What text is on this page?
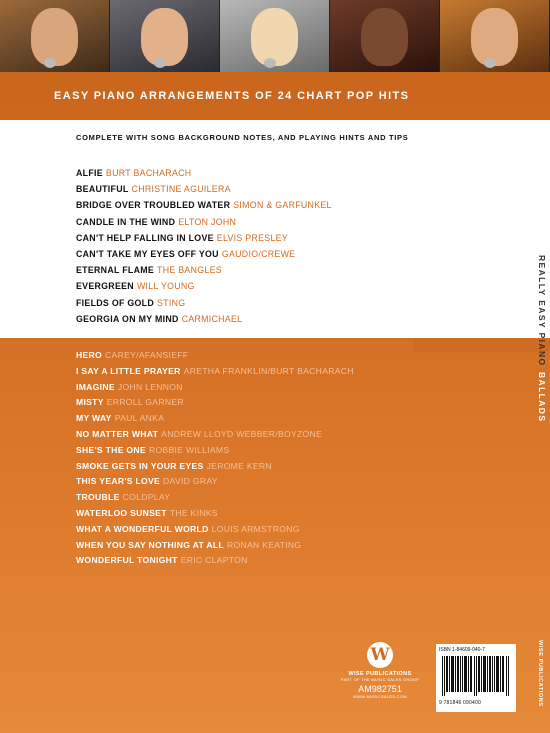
EASY PIANO ARRANGEMENTS OF 24 CHART POP HITS
COMPLETE WITH SONG BACKGROUND NOTES, AND PLAYING HINTS AND TIPS
ALFIE BURT BACHARACH
BEAUTIFUL CHRISTINE AGUILERA
BRIDGE OVER TROUBLED WATER SIMON & GARFUNKEL
CANDLE IN THE WIND ELTON JOHN
CAN'T HELP FALLING IN LOVE ELVIS PRESLEY
CAN'T TAKE MY EYES OFF YOU GAUDIO/CREWE
ETERNAL FLAME THE BANGLES
EVERGREEN WILL YOUNG
FIELDS OF GOLD STING
GEORGIA ON MY MIND CARMICHAEL
HERO CAREY/AFANSIEFF
I SAY A LITTLE PRAYER ARETHA FRANKLIN/BURT BACHARACH
IMAGINE JOHN LENNON
MISTY ERROLL GARNER
MY WAY PAUL ANKA
NO MATTER WHAT ANDREW LLOYD WEBBER/BOYZONE
SHE'S THE ONE ROBBIE WILLIAMS
SMOKE GETS IN YOUR EYES JEROME KERN
THIS YEAR'S LOVE DAVID GRAY
TROUBLE COLDPLAY
WATERLOO SUNSET THE KINKS
WHAT A WONDERFUL WORLD LOUIS ARMSTRONG
WHEN YOU SAY NOTHING AT ALL RONAN KEATING
WONDERFUL TONIGHT ERIC CLAPTON
REALLY EASY PIANO
BALLADS
WISE PUBLICATIONS
W
WISE PUBLICATIONS
PART OF THE MUSIC SALES GROUP
AM982751
WWW.MUSICSALES.COM
ISBN 1-84609-040-7
9 781846 090400
